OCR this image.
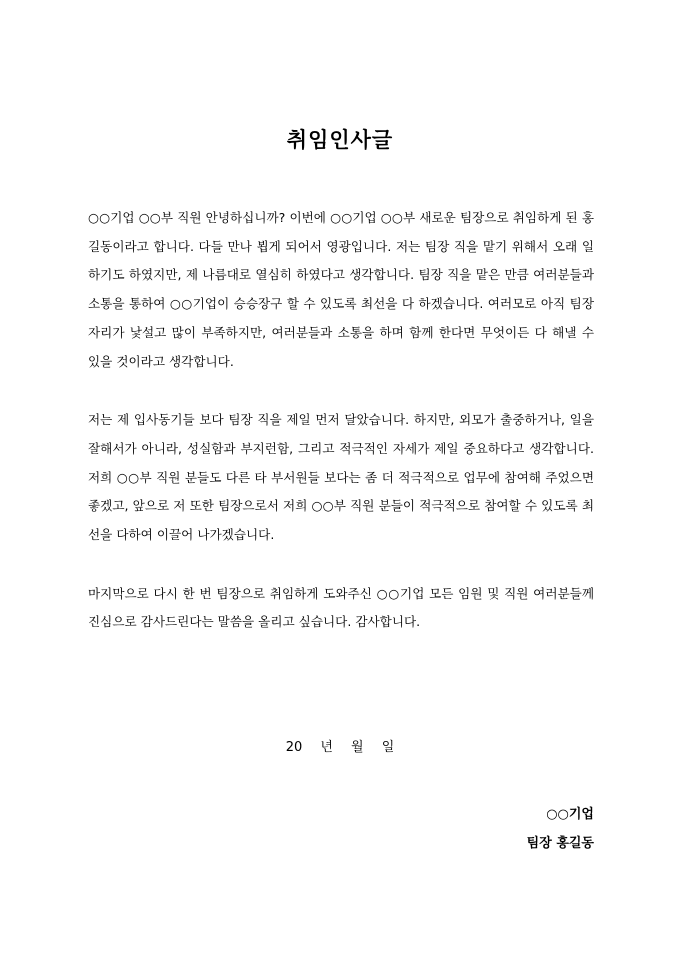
취임인사글

○○기업 ○○부 직원 안녕하십니까? 이번에 ○○기업 ○○부 새로운 팀장으로 취임하게 된 홍길동이라고 합니다. 다들 만나 뵙게 되어서 영광입니다. 저는 팀장 직을 맡기 위해서 오래 일하기도 하였지만, 제 나름대로 열심히 하였다고 생각합니다. 팀장 직을 맡은 만큼 여러분들과 소통을 통하여 ○○기업이 승승장구 할 수 있도록 최선을 다 하겠습니다. 여러모로 아직 팀장자리가 낯설고 많이 부족하지만, 여러분들과 소통을 하며 함께 한다면 무엇이든 다 해낼 수 있을 것이라고 생각합니다.

저는 제 입사동기들 보다 팀장 직을 제일 먼저 달았습니다. 하지만, 외모가 출중하거나, 일을 잘해서가 아니라, 성실함과 부지런함, 그리고 적극적인 자세가 제일 중요하다고 생각합니다. 저희 ○○부 직원 분들도 다른 타 부서원들 보다는 좀 더 적극적으로 업무에 참여해 주었으면 좋겠고, 앞으로 저 또한 팀장으로서 저희 ○○부 직원 분들이 적극적으로 참여할 수 있도록 최선을 다하여 이끌어 나가겠습니다.

마지막으로 다시 한 번 팀장으로 취임하게 도와주신 ○○기업 모든 임원 및 직원 여러분들께 진심으로 감사드린다는 말씀을 올리고 싶습니다. 감사합니다.

20 년 월 일
○○기업
팀장 홍길동
